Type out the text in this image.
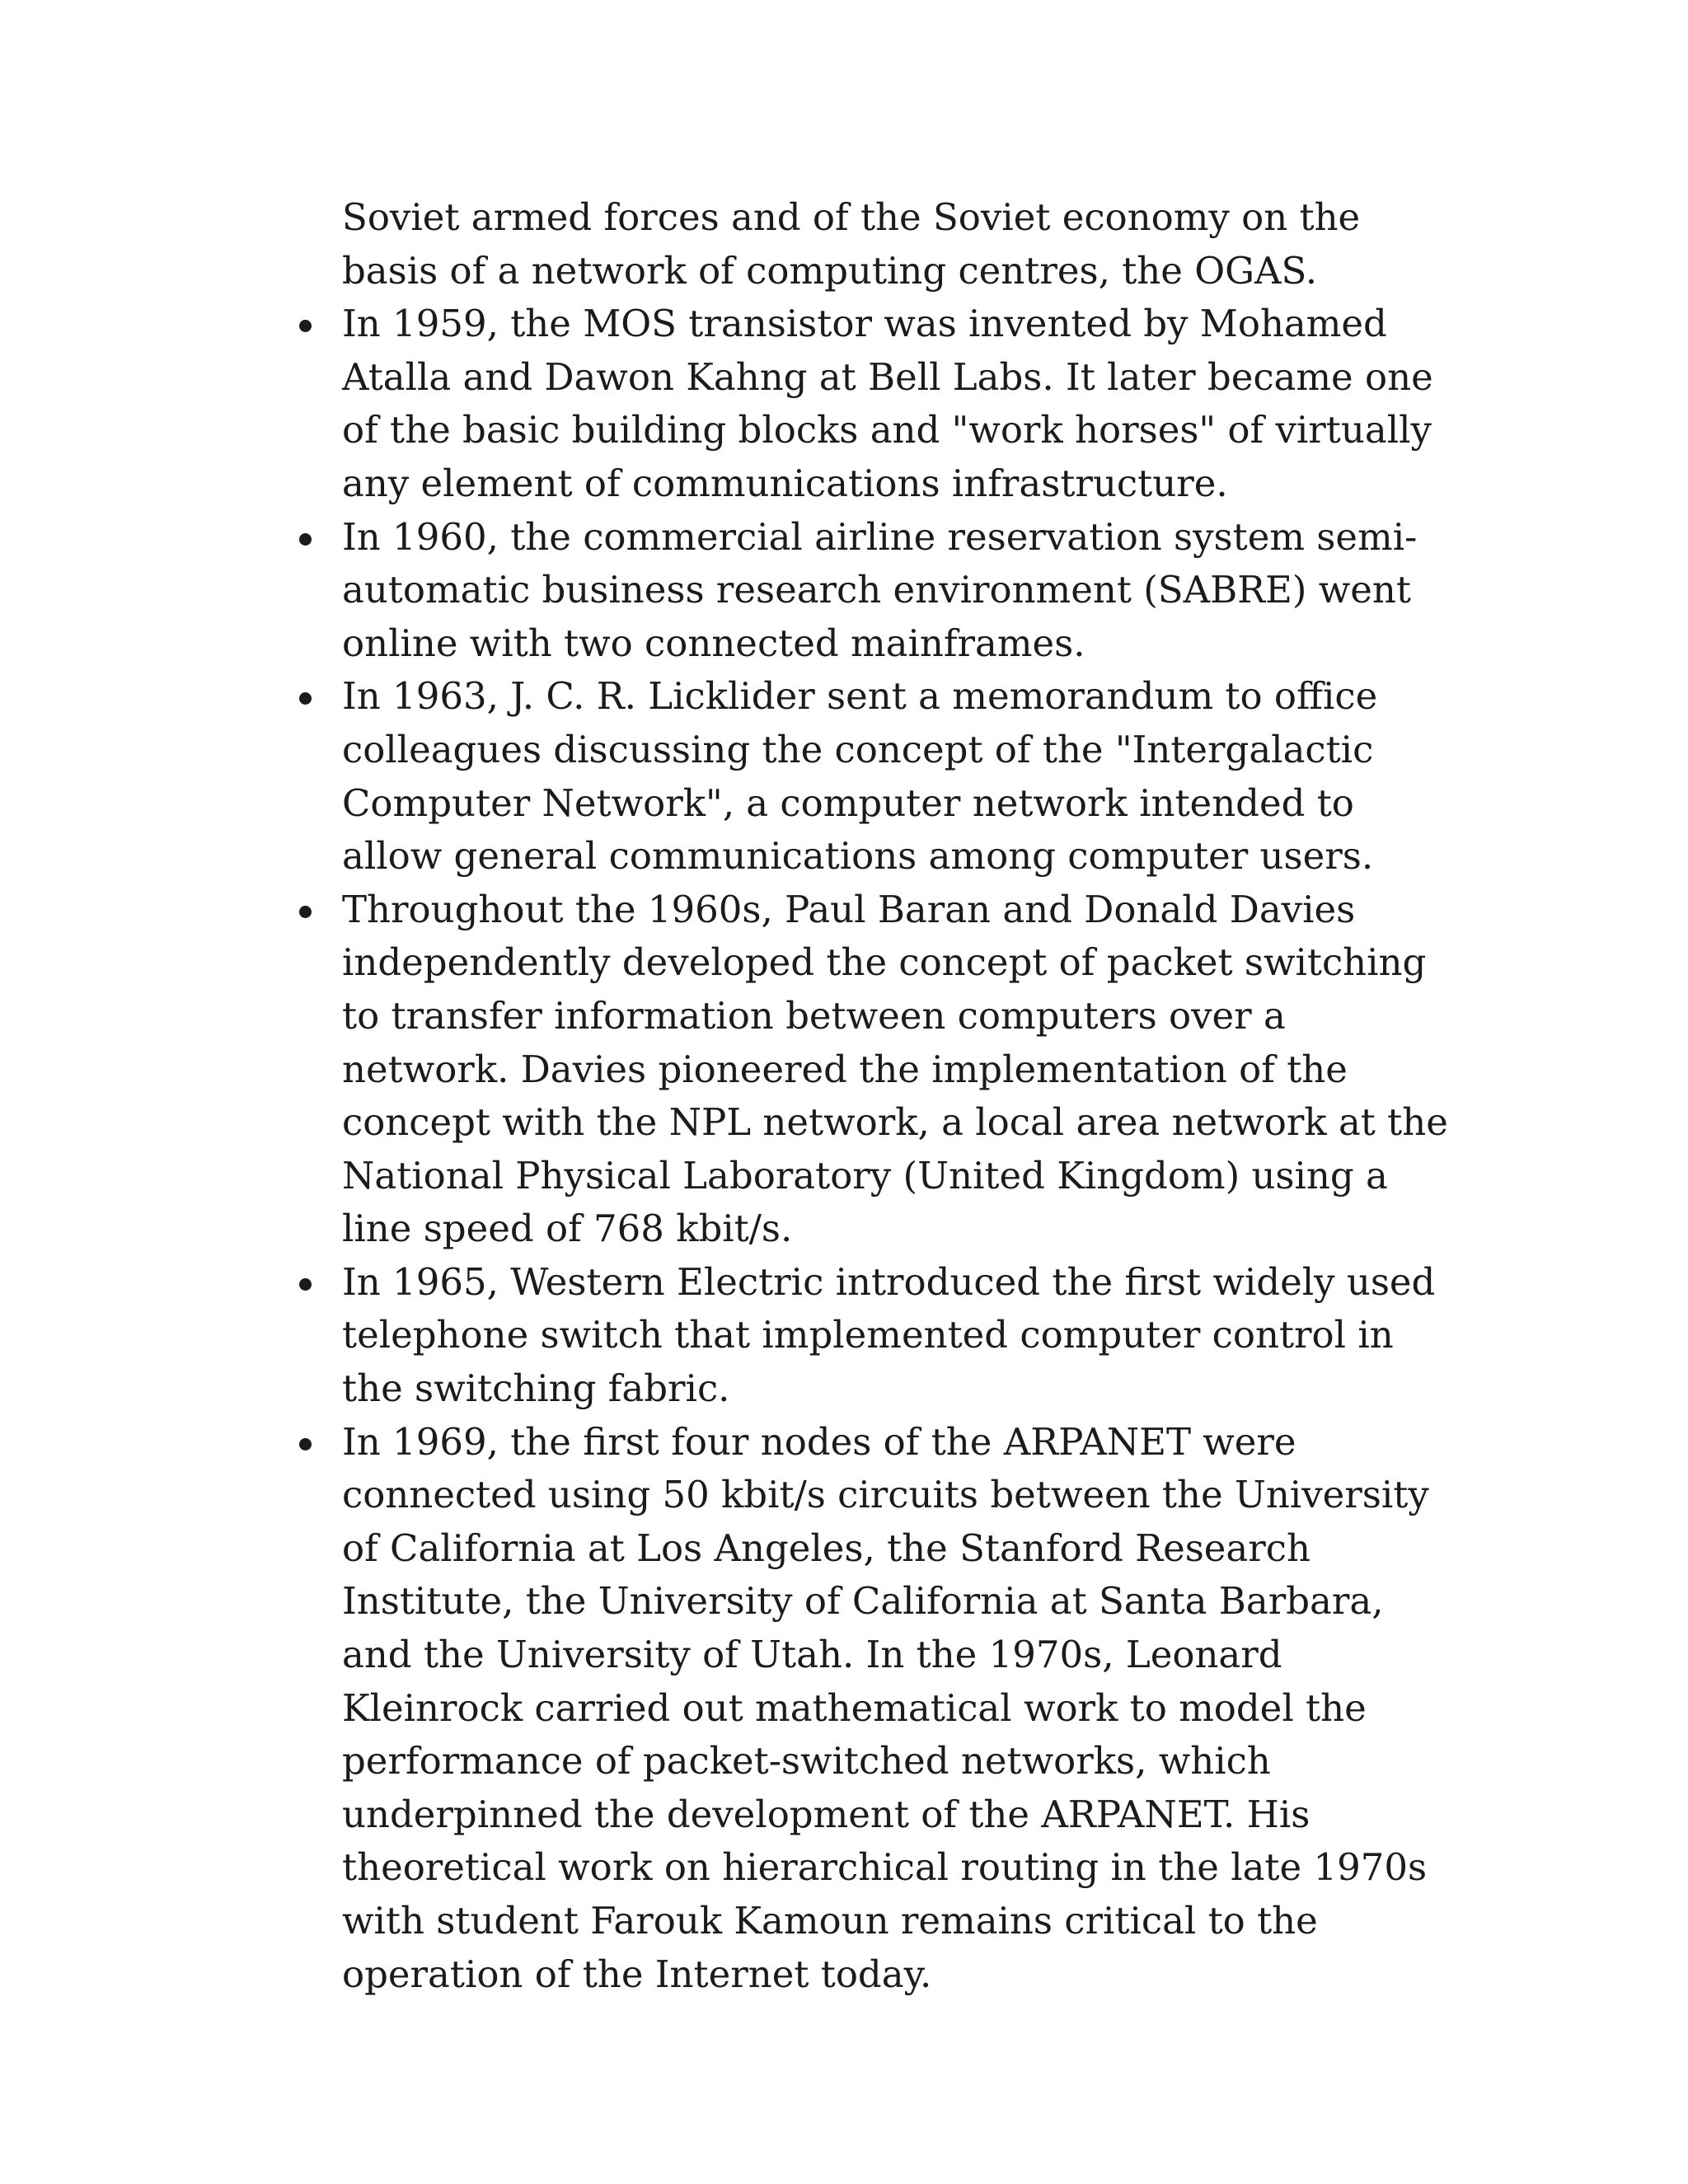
Soviet armed forces and of the Soviet economy on the basis of a network of computing centres, the OGAS.

In 1959, the MOS transistor was invented by Mohamed Atalla and Dawon Kahng at Bell Labs. It later became one of the basic building blocks and "work horses" of virtually any element of communications infrastructure.
In 1960, the commercial airline reservation system semi-automatic business research environment (SABRE) went online with two connected mainframes.
In 1963, J. C. R. Licklider sent a memorandum to office colleagues discussing the concept of the "Intergalactic Computer Network", a computer network intended to allow general communications among computer users.
Throughout the 1960s, Paul Baran and Donald Davies independently developed the concept of packet switching to transfer information between computers over a network. Davies pioneered the implementation of the concept with the NPL network, a local area network at the National Physical Laboratory (United Kingdom) using a line speed of 768 kbit/s.
In 1965, Western Electric introduced the first widely used telephone switch that implemented computer control in the switching fabric.
In 1969, the first four nodes of the ARPANET were connected using 50 kbit/s circuits between the University of California at Los Angeles, the Stanford Research Institute, the University of California at Santa Barbara, and the University of Utah. In the 1970s, Leonard Kleinrock carried out mathematical work to model the performance of packet-switched networks, which underpinned the development of the ARPANET. His theoretical work on hierarchical routing in the late 1970s with student Farouk Kamoun remains critical to the operation of the Internet today.
